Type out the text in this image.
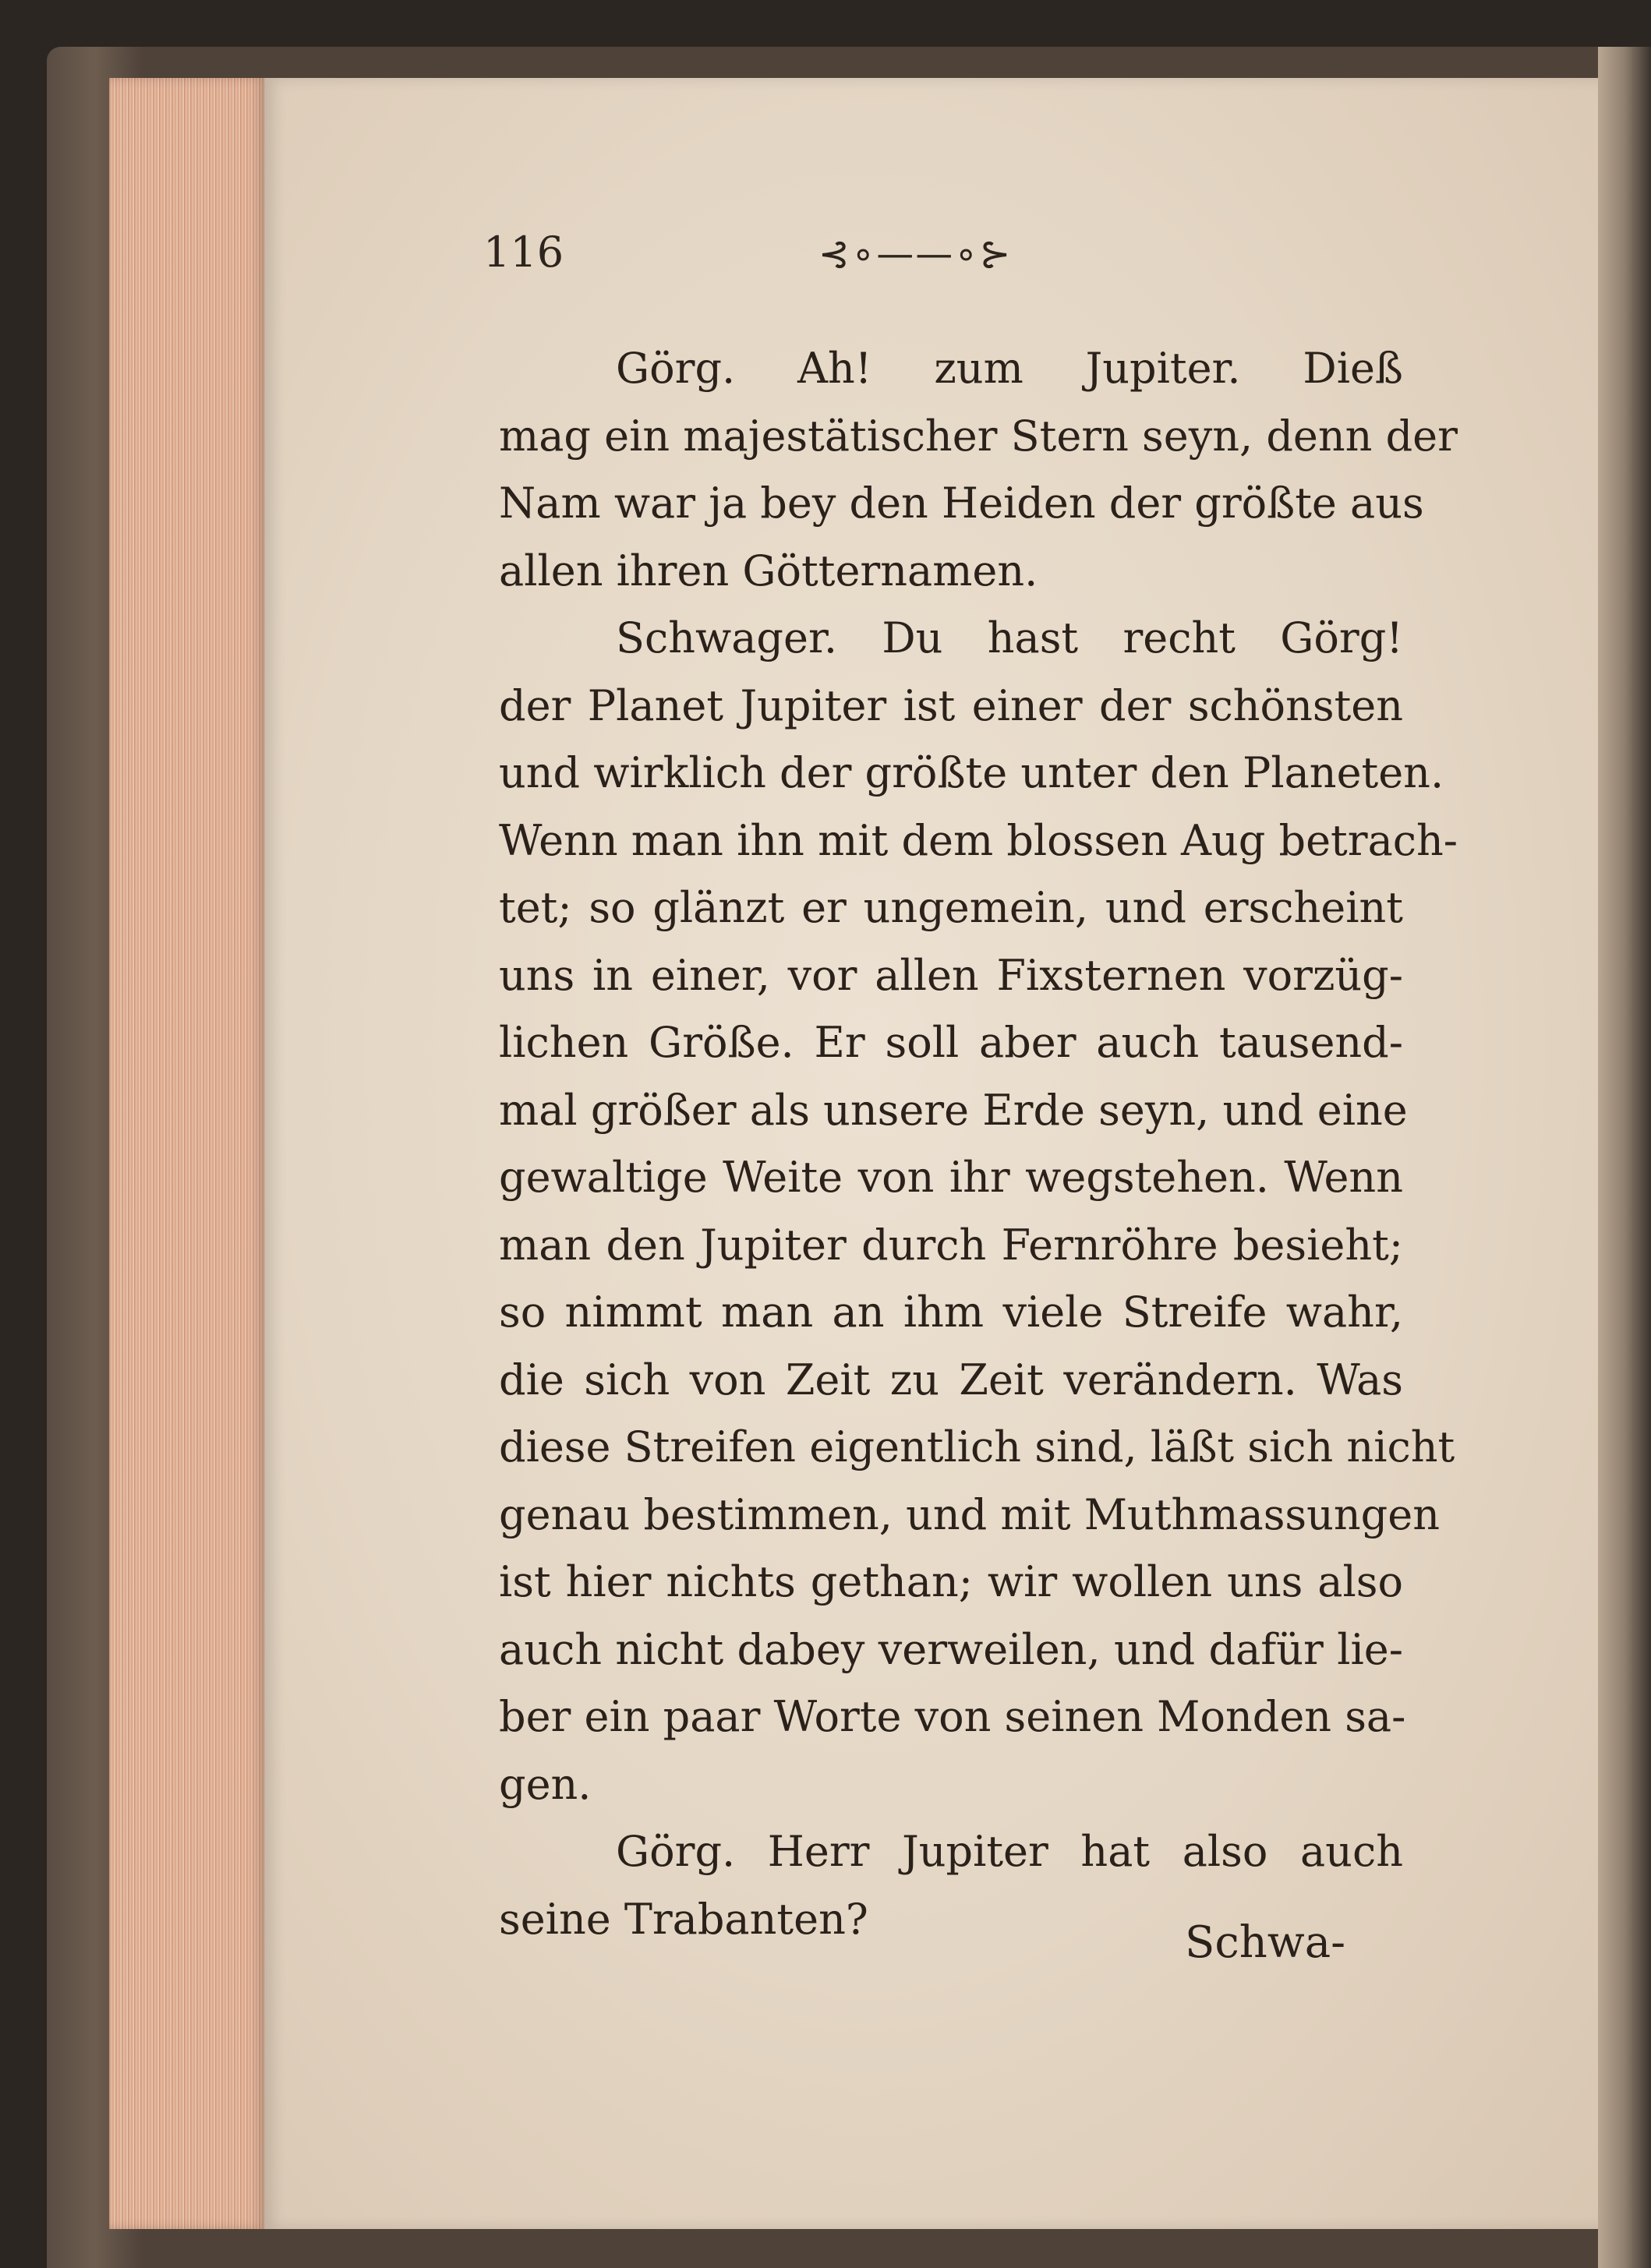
116	⊰∘——∘⊱
Görg. Ah! zum Jupiter. Dieß
mag ein majestätischer Stern seyn, denn der
Nam war ja bey den Heiden der größte aus
allen ihren Götternamen.
Schwager. Du hast recht Görg!
der Planet Jupiter ist einer der schönsten
und wirklich der größte unter den Planeten.
Wenn man ihn mit dem blossen Aug betrach-
tet; so glänzt er ungemein, und erscheint
uns in einer, vor allen Fixsternen vorzüg-
lichen Größe. Er soll aber auch tausend-
mal größer als unsere Erde seyn, und eine
gewaltige Weite von ihr wegstehen. Wenn
man den Jupiter durch Fernröhre besieht;
so nimmt man an ihm viele Streife wahr,
die sich von Zeit zu Zeit verändern. Was
diese Streifen eigentlich sind, läßt sich nicht
genau bestimmen, und mit Muthmassungen
ist hier nichts gethan; wir wollen uns also
auch nicht dabey verweilen, und dafür lie-
ber ein paar Worte von seinen Monden sa-
gen.
Görg. Herr Jupiter hat also auch
seine Trabanten?	Schwa-
